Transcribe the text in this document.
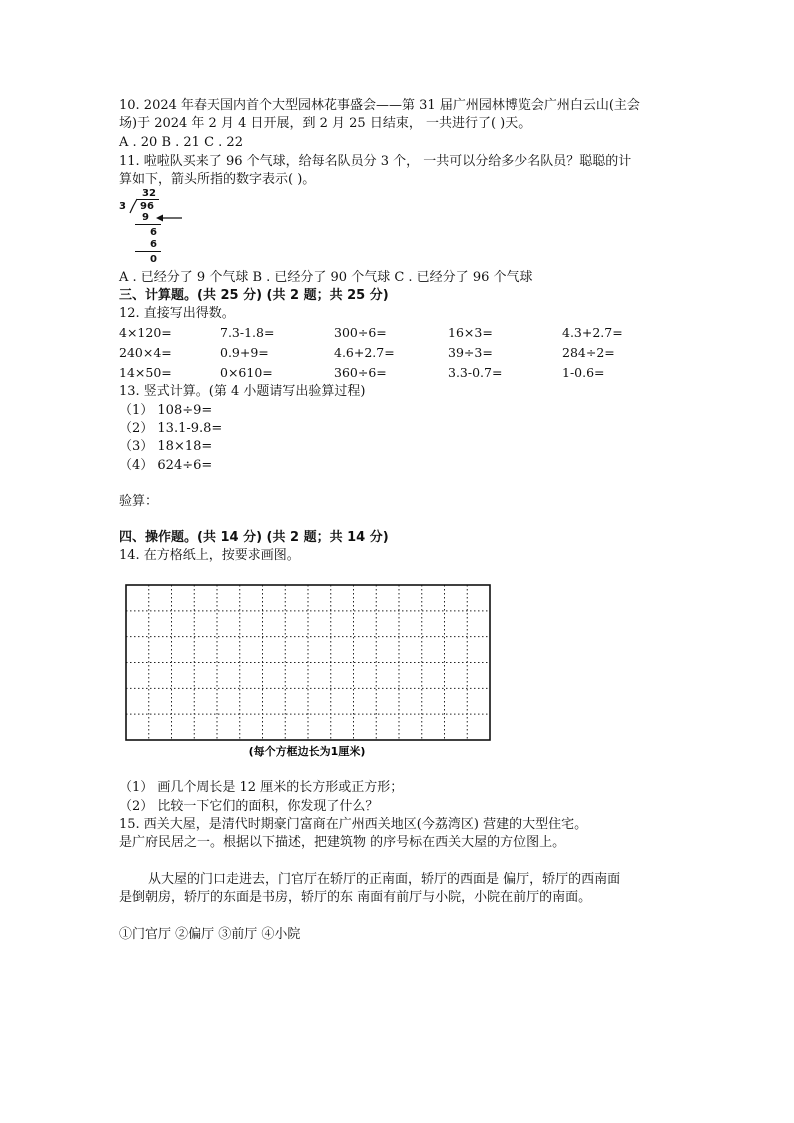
10. 2024 年春天国内首个大型园林花事盛会——第 31 届广州园林博览会广州白云山(主会
场)于 2024 年 2 月 4 日开展，到 2 月 25 日结束， 一共进行了( )天。
A . 20 B . 21 C . 22
11. 啦啦队买来了 96 个气球，给每名队员分 3 个， 一共可以分给多少名队员？聪聪的计
算如下，箭头所指的数字表示( )。
32
3 96
9
6
6
0
A . 已经分了 9 个气球 B . 已经分了 90 个气球 C . 已经分了 96 个气球
三、计算题。(共 25 分) (共 2 题；共 25 分)
12. 直接写出得数。
4×120=	7.3-1.8=	300÷6=	16×3=	4.3+2.7=
240×4=	0.9+9=	4.6+2.7=	39÷3=	284÷2=
14×50=	0×610=	360÷6=	3.3-0.7=	1-0.6=
13. 竖式计算。(第 4 小题请写出验算过程)
（1） 108÷9=
（2） 13.1-9.8=
（3） 18×18=
（4） 624÷6=
验算：
四、操作题。(共 14 分) (共 2 题；共 14 分)
14. 在方格纸上，按要求画图。
(每个方框边长为1厘米)
（1） 画几个周长是 12 厘米的长方形或正方形；
（2） 比较一下它们的面积，你发现了什么？
15. 西关大屋，是清代时期豪门富商在广州西关地区(今荔湾区) 营建的大型住宅。
是广府民居之一。根据以下描述，把建筑物 的序号标在西关大屋的方位图上。
从大屋的门口走进去，门官厅在轿厅的正南面，轿厅的西面是 偏厅，轿厅的西南面
是倒朝房，轿厅的东面是书房，轿厅的东 南面有前厅与小院，小院在前厅的南面。
①门官厅 ②偏厅 ③前厅 ④小院
